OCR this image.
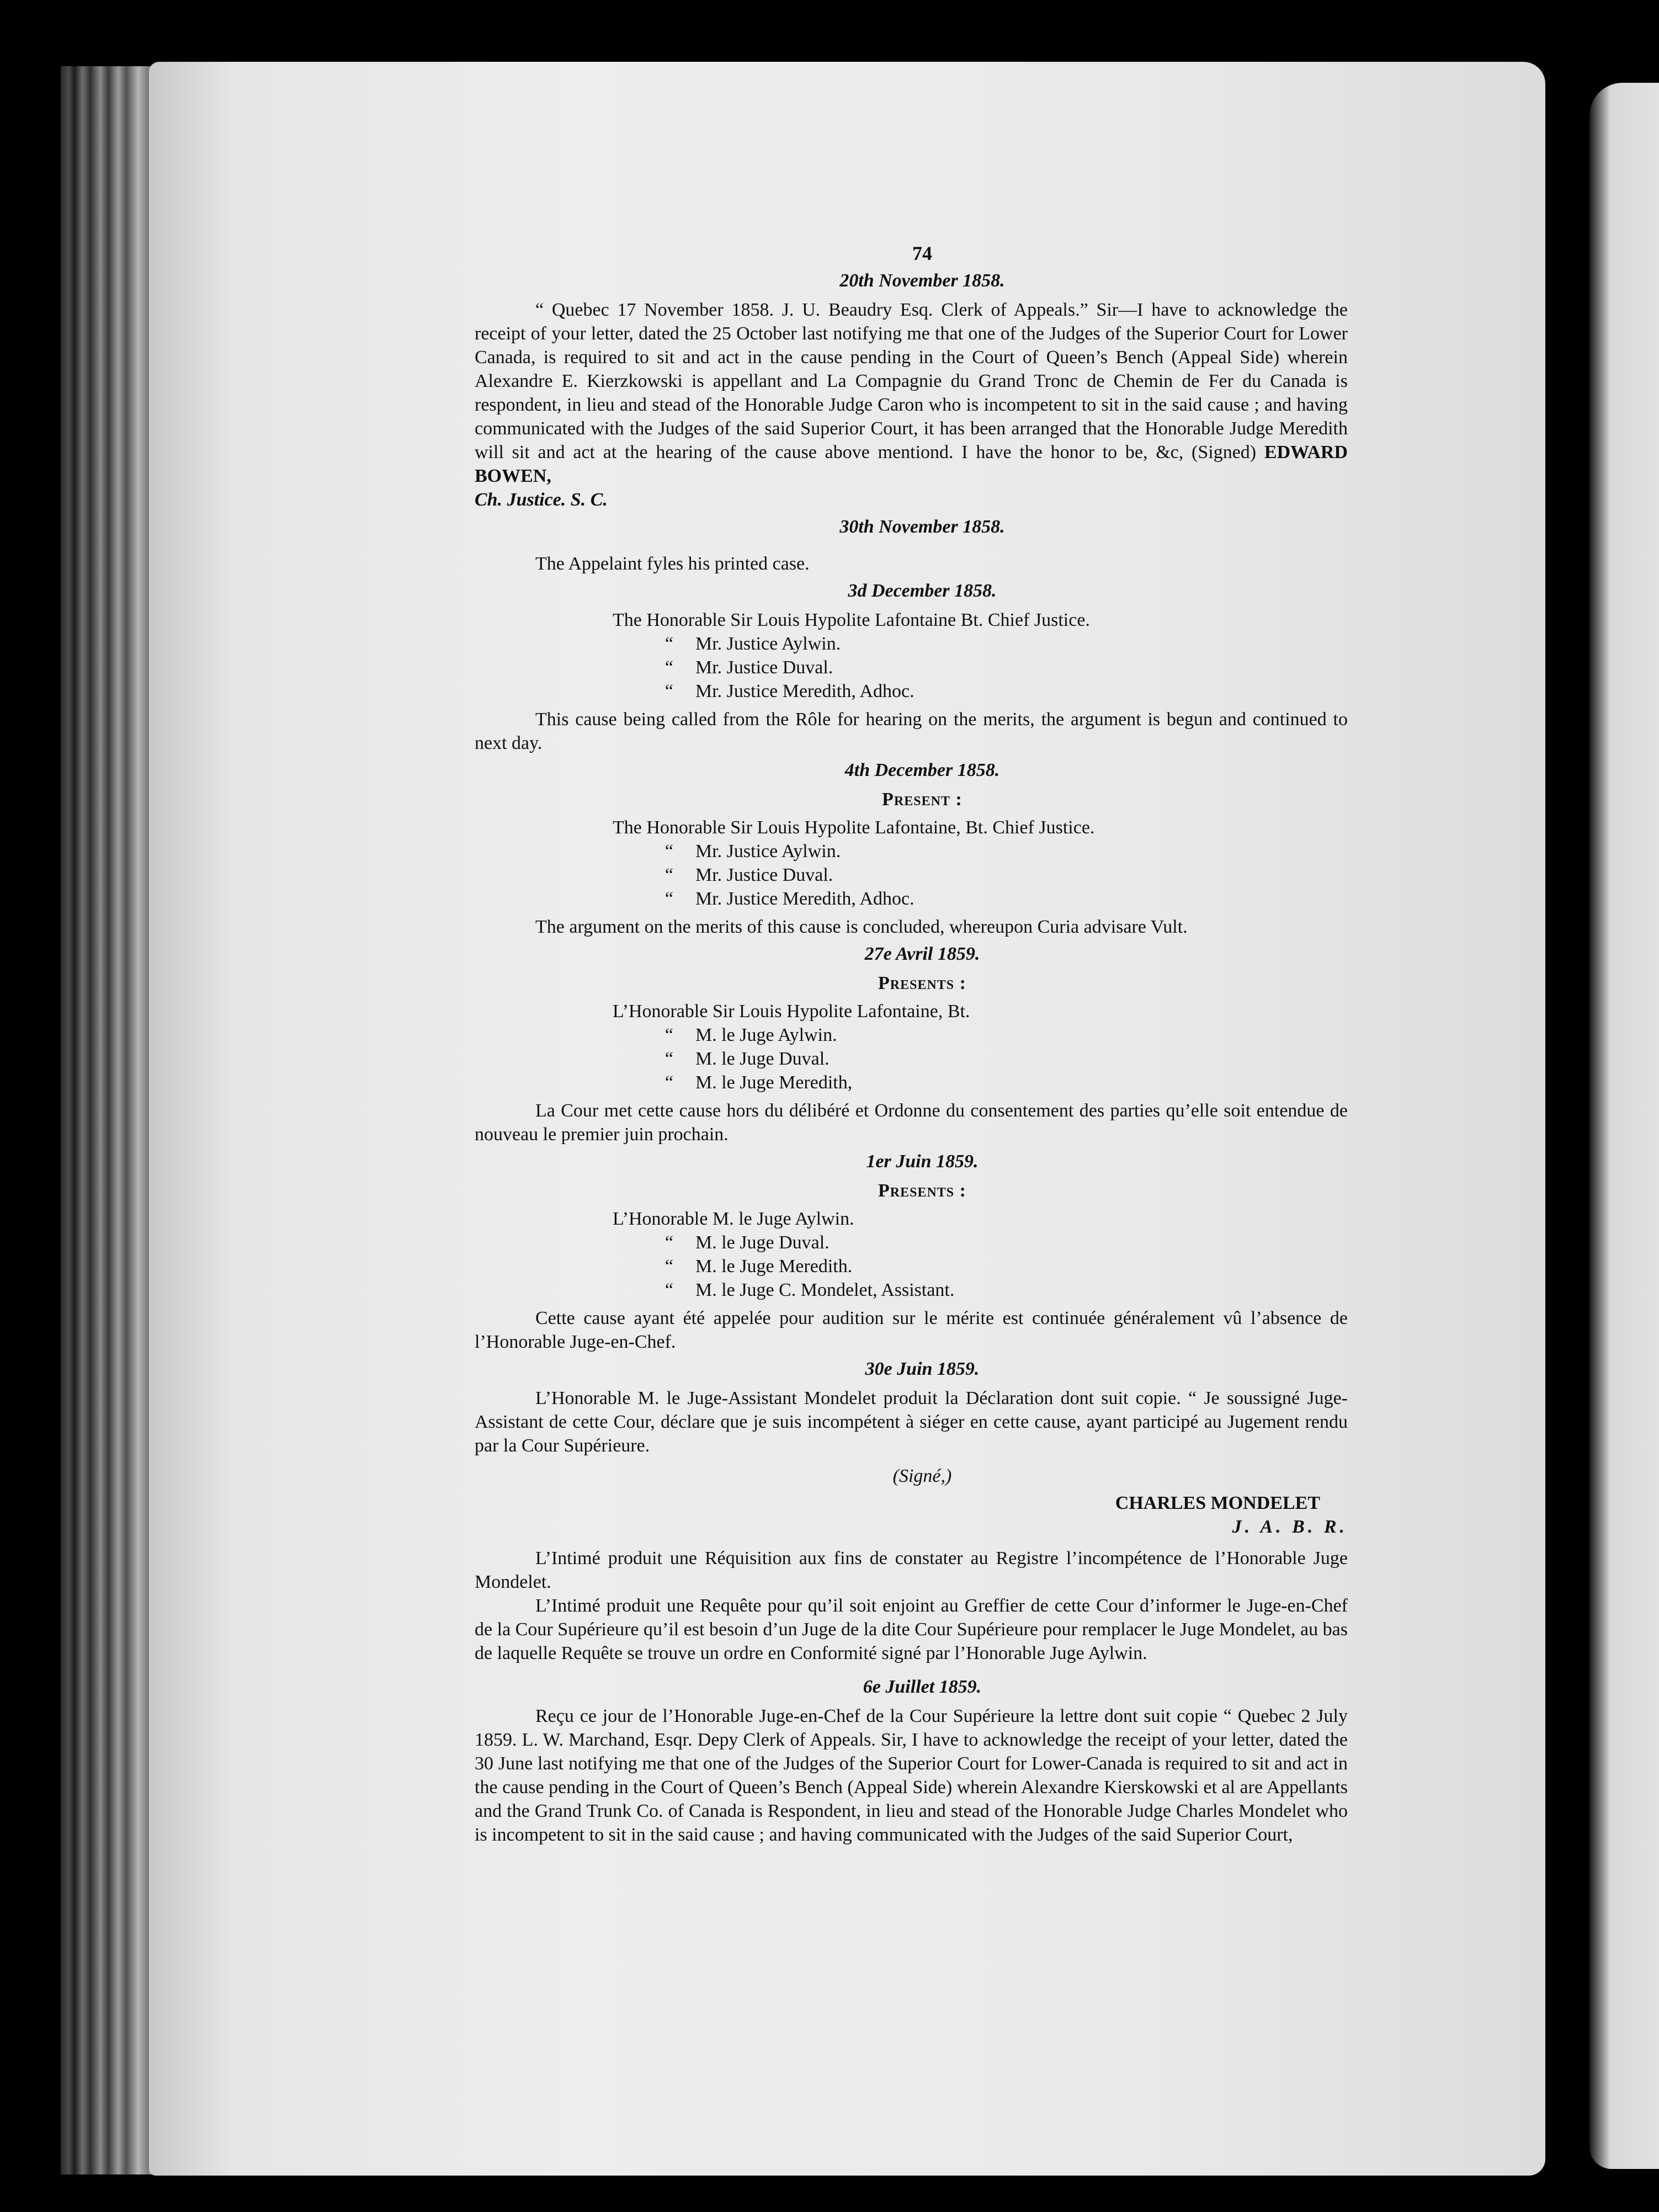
74
20th November 1858.

“ Quebec 17 November 1858. J. U. Beaudry Esq. Clerk of Appeals.” Sir—I have to acknowledge the receipt of your letter, dated the 25 October last notifying me that one of the Judges of the Superior Court for Lower Canada, is required to sit and act in the cause pending in the Court of Queen’s Bench (Appeal Side) wherein Alexandre E. Kierzkowski is appellant and La Compagnie du Grand Tronc de Chemin de Fer du Canada is respondent, in lieu and stead of the Honorable Judge Caron who is incompetent to sit in the said cause ; and having communicated with the Judges of the said Superior Court, it has been arranged that the Honorable Judge Meredith will sit and act at the hearing of the cause above mentiond. I have the honor to be, &c, (Signed) EDWARD BOWEN,
Ch. Justice. S. C.

30th November 1858.

The Appelaint fyles his printed case.

3d December 1858.
The Honorable Sir Louis Hypolite Lafontaine Bt. Chief Justice.
“	Mr. Justice Aylwin.
“	Mr. Justice Duval.
“	Mr. Justice Meredith, Adhoc.

This cause being called from the Rôle for hearing on the merits, the argument is begun and continued to next day.

4th December 1858.
Present :
The Honorable Sir Louis Hypolite Lafontaine, Bt. Chief Justice.
“	Mr. Justice Aylwin.
“	Mr. Justice Duval.
“	Mr. Justice Meredith, Adhoc.

The argument on the merits of this cause is concluded, whereupon Curia advisare Vult.

27e Avril 1859.
Presents :
L’Honorable Sir Louis Hypolite Lafontaine, Bt.
“	M. le Juge Aylwin.
“	M. le Juge Duval.
“	M. le Juge Meredith,

La Cour met cette cause hors du délibéré et Ordonne du consentement des parties qu’elle soit entendue de nouveau le premier juin prochain.

1er Juin 1859.
Presents :
L’Honorable M. le Juge Aylwin.
“	M. le Juge Duval.
“	M. le Juge Meredith.
“	M. le Juge C. Mondelet, Assistant.

Cette cause ayant été appelée pour audition sur le mérite est continuée généralement vû l’absence de l’Honorable Juge-en-Chef.

30e Juin 1859.

L’Honorable M. le Juge-Assistant Mondelet produit la Déclaration dont suit copie. “ Je soussigné Juge-Assistant de cette Cour, déclare que je suis incompétent à siéger en cette cause, ayant participé au Jugement rendu par la Cour Supérieure.

(Signé,)
CHARLES MONDELET
J. A. B. R.

L’Intimé produit une Réquisition aux fins de constater au Registre l’incompétence de l’Honorable Juge Mondelet.

L’Intimé produit une Requête pour qu’il soit enjoint au Greffier de cette Cour d’informer le Juge-en-Chef de la Cour Supérieure qu’il est besoin d’un Juge de la dite Cour Supérieure pour remplacer le Juge Mondelet, au bas de laquelle Requête se trouve un ordre en Conformité signé par l’Honorable Juge Aylwin.

6e Juillet 1859.

Reçu ce jour de l’Honorable Juge-en-Chef de la Cour Supérieure la lettre dont suit copie “ Quebec 2 July 1859. L. W. Marchand, Esqr. Depy Clerk of Appeals. Sir, I have to acknowledge the receipt of your letter, dated the 30 June last notifying me that one of the Judges of the Superior Court for Lower-Canada is required to sit and act in the cause pending in the Court of Queen’s Bench (Appeal Side) wherein Alexandre Kierskowski et al are Appellants and the Grand Trunk Co. of Canada is Respondent, in lieu and stead of the Honorable Judge Charles Mondelet who is incompetent to sit in the said cause ; and having communicated with the Judges of the said Superior Court,
